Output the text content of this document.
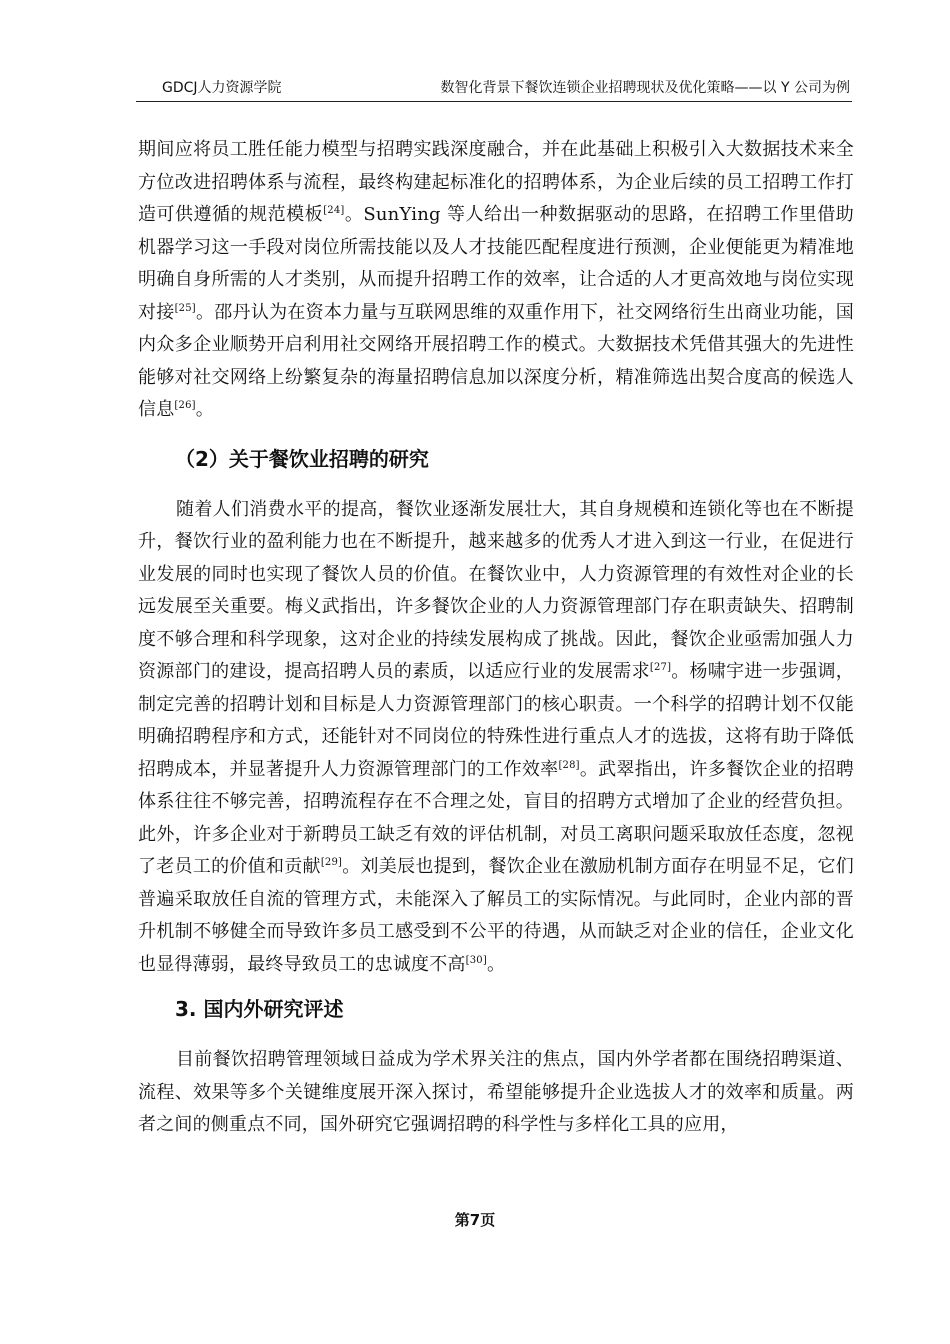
GDCJ人力资源学院	数智化背景下餐饮连锁企业招聘现状及优化策略——以 Y 公司为例

期间应将员工胜任能力模型与招聘实践深度融合，并在此基础上积极引入大数据技术来全方位改进招聘体系与流程，最终构建起标准化的招聘体系，为企业后续的员工招聘工作打造可供遵循的规范模板[24]。SunYing 等人给出一种数据驱动的思路，在招聘工作里借助机器学习这一手段对岗位所需技能以及人才技能匹配程度进行预测，企业便能更为精准地明确自身所需的人才类别，从而提升招聘工作的效率，让合适的人才更高效地与岗位实现对接[25]。邵丹认为在资本力量与互联网思维的双重作用下，社交网络衍生出商业功能，国内众多企业顺势开启利用社交网络开展招聘工作的模式。大数据技术凭借其强大的先进性能够对社交网络上纷繁复杂的海量招聘信息加以深度分析，精准筛选出契合度高的候选人信息[26]。

（2）关于餐饮业招聘的研究

随着人们消费水平的提高，餐饮业逐渐发展壮大，其自身规模和连锁化等也在不断提升，餐饮行业的盈利能力也在不断提升，越来越多的优秀人才进入到这一行业，在促进行业发展的同时也实现了餐饮人员的价值。在餐饮业中，人力资源管理的有效性对企业的长远发展至关重要。梅义武指出，许多餐饮企业的人力资源管理部门存在职责缺失、招聘制度不够合理和科学现象，这对企业的持续发展构成了挑战。因此，餐饮企业亟需加强人力资源部门的建设，提高招聘人员的素质，以适应行业的发展需求[27]。杨啸宇进一步强调，制定完善的招聘计划和目标是人力资源管理部门的核心职责。一个科学的招聘计划不仅能明确招聘程序和方式，还能针对不同岗位的特殊性进行重点人才的选拔，这将有助于降低招聘成本，并显著提升人力资源管理部门的工作效率[28]。武翠指出，许多餐饮企业的招聘体系往往不够完善，招聘流程存在不合理之处，盲目的招聘方式增加了企业的经营负担。此外，许多企业对于新聘员工缺乏有效的评估机制，对员工离职问题采取放任态度，忽视了老员工的价值和贡献[29]。刘美辰也提到，餐饮企业在激励机制方面存在明显不足，它们普遍采取放任自流的管理方式，未能深入了解员工的实际情况。与此同时，企业内部的晋升机制不够健全而导致许多员工感受到不公平的待遇，从而缺乏对企业的信任，企业文化也显得薄弱，最终导致员工的忠诚度不高[30]。

3. 国内外研究评述

目前餐饮招聘管理领域日益成为学术界关注的焦点，国内外学者都在围绕招聘渠道、流程、效果等多个关键维度展开深入探讨，希望能够提升企业选拔人才的效率和质量。两者之间的侧重点不同，国外研究它强调招聘的科学性与多样化工具的应用，

第7页
